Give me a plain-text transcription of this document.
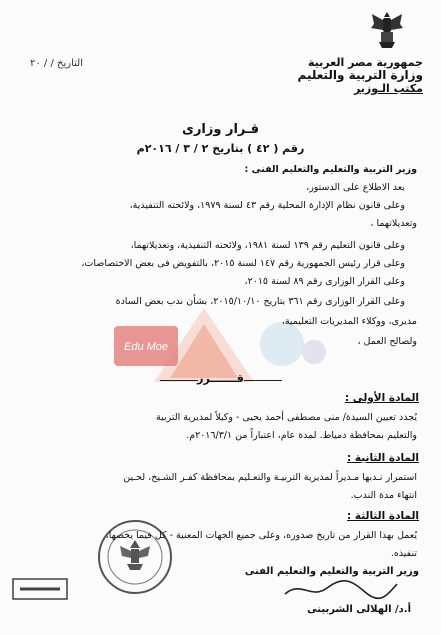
جمهورية مصر العربية
وزارة التربية والتعليم
مكتب الـوزير
التاريخ / / ٢٠
قـرار وزارى
رقم ( ٤٢ ) بتاريخ ٢ / ٣ / ٢٠١٦م
Edu Moe
وزير التربية والتعليم والتعليم الفنى :
بعد الاطلاع على الدستور،
وعلى قانون نظام الإدارة المحلية رقم ٤٣ لسنة ١٩٧٩، ولائحته التنفيذية،
وتعديلاتهما ،
وعلى قانون التعليم رقم ١٣٩ لسنة ١٩٨١، ولائحته التنفيذية، وتعديلاتهما،
وعلى قرار رئيس الجمهورية رقم ١٤٧ لسنة ٢٠١٥، بالتفويض فى بعض الاختصاصات،
وعلى القرار الوزارى رقم ٨٩ لسنة ٢٠١٥،
وعلى القرار الوزارى رقم ٣٦١ بتاريخ ٢٠١٥/١٠/١٠، بشأن ندب بعض السادة
مديرى، ووكلاء المديريات التعليمية،
ولصالح العمل ،
قـــــــرر
المادة الأولى :
يُجدد تعيين السيدة/ منى مصطفى أحمد يحيى - وكيلاً لمديرية التربية
والتعليم بمحافظة دمياط. لمدة عام، اعتباراً من ٢٠١٦/٣/١م.
المادة الثانية :
استمرار نـدبها مـديراً لمديرية التربيـة والتعـليم بمحافظة كفـر الشـيخ، لحـين
انتهاء مدة الندب.
المادة الثالثة :
يُعمل بهذا القرار من تاريخ صدوره، وعلى جميع الجهات المعنية - كل فيما يخصها،
تنفيذه.
وزير التربية والتعليم والتعليم الفنى
أ.د/ الهلالى الشربينى
